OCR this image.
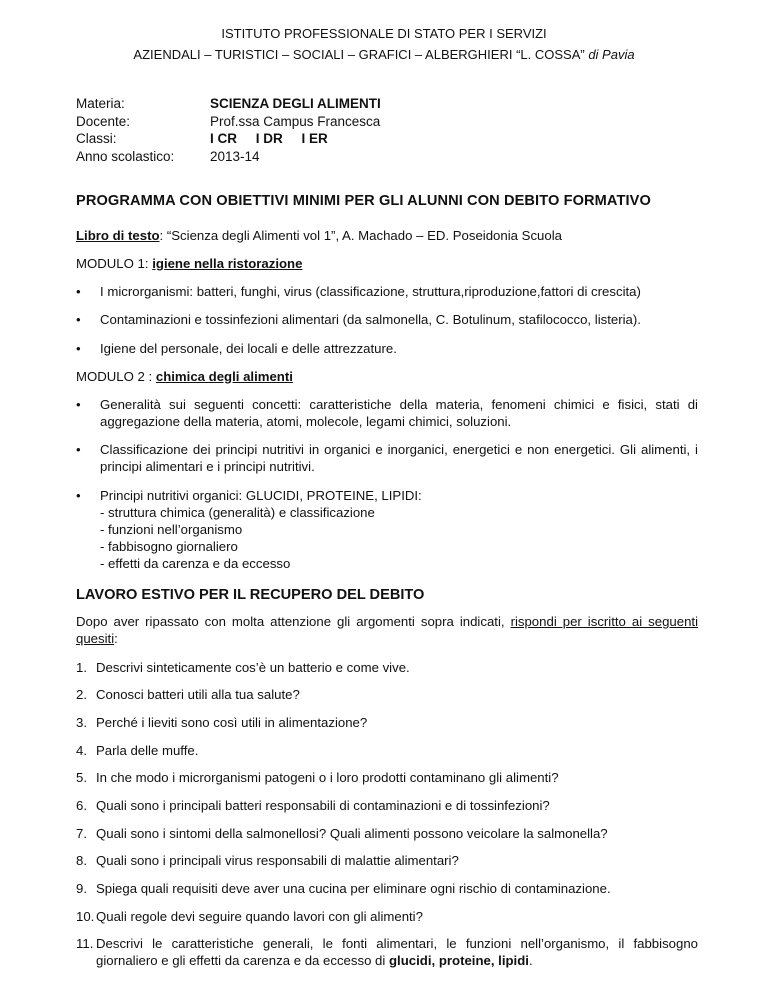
ISTITUTO PROFESSIONALE DI STATO PER I SERVIZI
AZIENDALI – TURISTICI – SOCIALI – GRAFICI – ALBERGHIERI “L. COSSA” di Pavia
Materia:	SCIENZA DEGLI ALIMENTI
Docente:	Prof.ssa Campus Francesca
Classi:	I CR     I DR     I ER
Anno scolastico:	2013-14
PROGRAMMA CON OBIETTIVI MINIMI PER GLI ALUNNI CON DEBITO FORMATIVO
Libro di testo: “Scienza degli Alimenti vol 1”, A. Machado – ED. Poseidonia Scuola
MODULO 1: igiene nella ristorazione
• I microrganismi: batteri, funghi, virus (classificazione, struttura,riproduzione,fattori di crescita)
• Contaminazioni e tossinfezioni alimentari (da salmonella, C. Botulinum, stafilococco, listeria).
• Igiene del personale, dei locali e delle attrezzature.
MODULO 2 : chimica degli alimenti
• Generalità sui seguenti concetti: caratteristiche della materia, fenomeni chimici e fisici, stati di aggregazione della materia, atomi, molecole, legami chimici, soluzioni.
• Classificazione dei principi nutritivi in organici e inorganici, energetici e non energetici. Gli alimenti, i principi alimentari e i principi nutritivi.
• Principi nutritivi organici: GLUCIDI, PROTEINE, LIPIDI:
- struttura chimica (generalità) e classificazione
- funzioni nell’organismo
- fabbisogno giornaliero
- effetti da carenza e da eccesso
LAVORO ESTIVO PER IL RECUPERO DEL DEBITO
Dopo aver ripassato con molta attenzione gli argomenti sopra indicati, rispondi per iscritto ai seguenti quesiti:
1. Descrivi sinteticamente cos’è un batterio e come vive.
2. Conosci batteri utili alla tua salute?
3. Perché i lieviti sono così utili in alimentazione?
4. Parla delle muffe.
5. In che modo i microrganismi patogeni o i loro prodotti contaminano gli alimenti?
6. Quali sono i principali batteri responsabili di contaminazioni e di tossinfezioni?
7. Quali sono i sintomi della salmonellosi? Quali alimenti possono veicolare la salmonella?
8. Quali sono i principali virus responsabili di malattie alimentari?
9. Spiega quali requisiti deve aver una cucina per eliminare ogni rischio di contaminazione.
10. Quali regole devi seguire quando lavori con gli alimenti?
11. Descrivi le caratteristiche generali, le fonti alimentari, le funzioni nell’organismo, il fabbisogno giornaliero e gli effetti da carenza e da eccesso di glucidi, proteine, lipidi.
